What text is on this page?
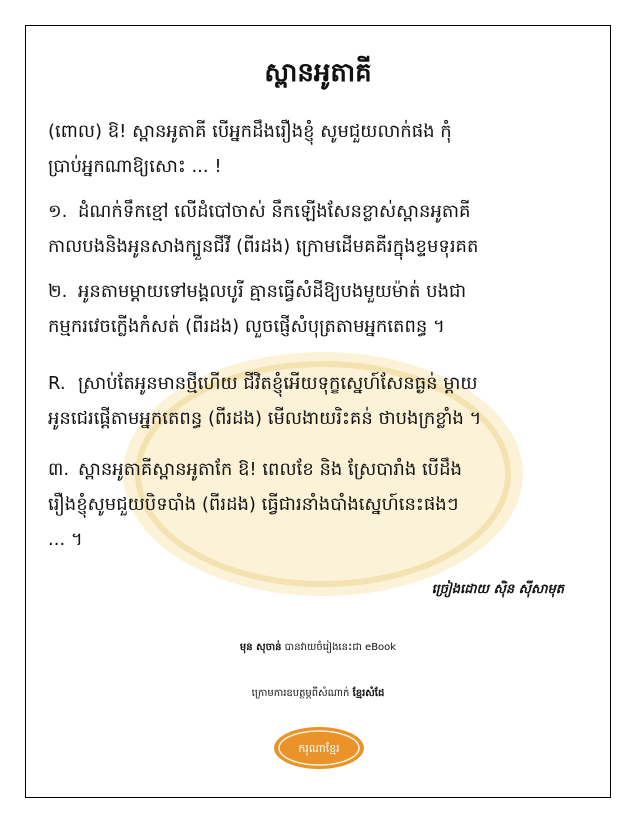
ស្ពានអូតាគី
(ពោល) ឱ! ស្ពានអូតាគី បើអ្នកដឹងរឿងខ្ញុំ សូមជួយលាក់ផង កុំ
ប្រាប់អ្នកណាឱ្យសោះ ... !
១. ដំណក់ទឹកខ្មៅ លើដំបៅចាស់ នឹកឡើងសែនខ្លាស់ស្ពានអូតាគី
កាលបងនិងអូនសាងក្បួនជីវី (ពីរដង) ក្រោមដើមគគីរក្នុងខ្ទមទុរគត
២. អូនតាមម្ដាយទៅមង្គលបូរី គ្មានធ្វើសំដីឱ្យបងមួយម៉ាត់ បងជា
កម្មករវេចក្លើងកំសត់ (ពីរដង) លួចផ្ញើសំបុត្រតាមអ្នកតេពន្ធ ។
R. ស្រាប់តែអូនមានថ្មីហើយ ជីវិតខ្ញុំអើយទុក្ខស្នេហ៍សែនធ្ងន់ ម្ដាយ
អូនជេរផ្ដើតាមអ្នកតេពន្ធ (ពីរដង) មើលងាយរិះគន់ ថាបងក្រខ្លាំង ។
៣. ស្ពានអូតាគីស្ពានអូតាកែ ឱ! ពេលខែ និង ស្រែបារាំង បើដឹង
រឿងខ្ញុំសូមជួយបិទបាំង (ពីរដង) ធ្វើជារនាំងបាំងស្នេហ៍នេះផងៗ
... ។
ច្រៀងដោយ ស៊ិន ស៊ីសាមុត
មុន សុចាន់ បានវាយចំរៀងនេះជា eBook
ក្រោមការឧបត្ថម្ភពីសំណាក់ ខ្មែរសំដែ
ករុណាខ្មែរ
